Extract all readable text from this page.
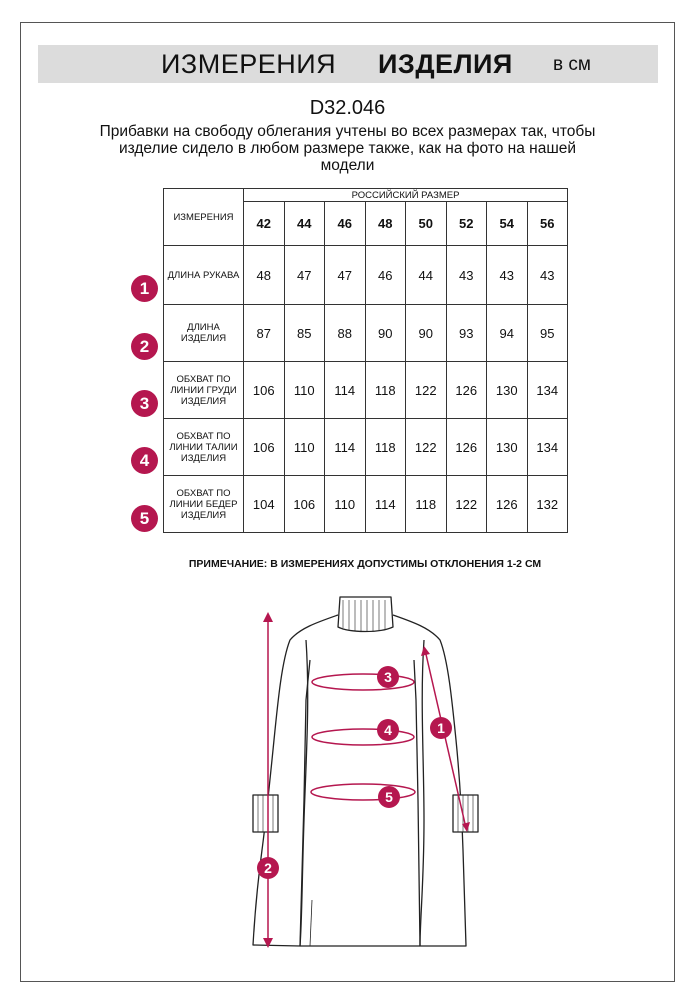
ИЗМЕРЕНИЯ ИЗДЕЛИЯ в см
D32.046
Прибавки на свободу облегания учтены во всех размерах так, чтобы изделие сидело в любом размере также, как на фото на нашей модели
ИЗМЕРЕНИЯ	РОССИЙСКИЙ РАЗМЕР							
	42	44	46	48	50	52	54	56
ДЛИНА РУКАВА	48	47	47	46	44	43	43	43
ДЛИНА ИЗДЕЛИЯ	87	85	88	90	90	93	94	95
ОБХВАТ ПО ЛИНИИ ГРУДИ ИЗДЕЛИЯ	106	110	114	118	122	126	130	134
ОБХВАТ ПО ЛИНИИ ТАЛИИ ИЗДЕЛИЯ	106	110	114	118	122	126	130	134
ОБХВАТ ПО ЛИНИИ БЕДЕР ИЗДЕЛИЯ	104	106	110	114	118	122	126	132
1
2
3
4
5
ПРИМЕЧАНИЕ: В ИЗМЕРЕНИЯХ ДОПУСТИМЫ ОТКЛОНЕНИЯ 1-2 СМ
3
4	1
5
2
